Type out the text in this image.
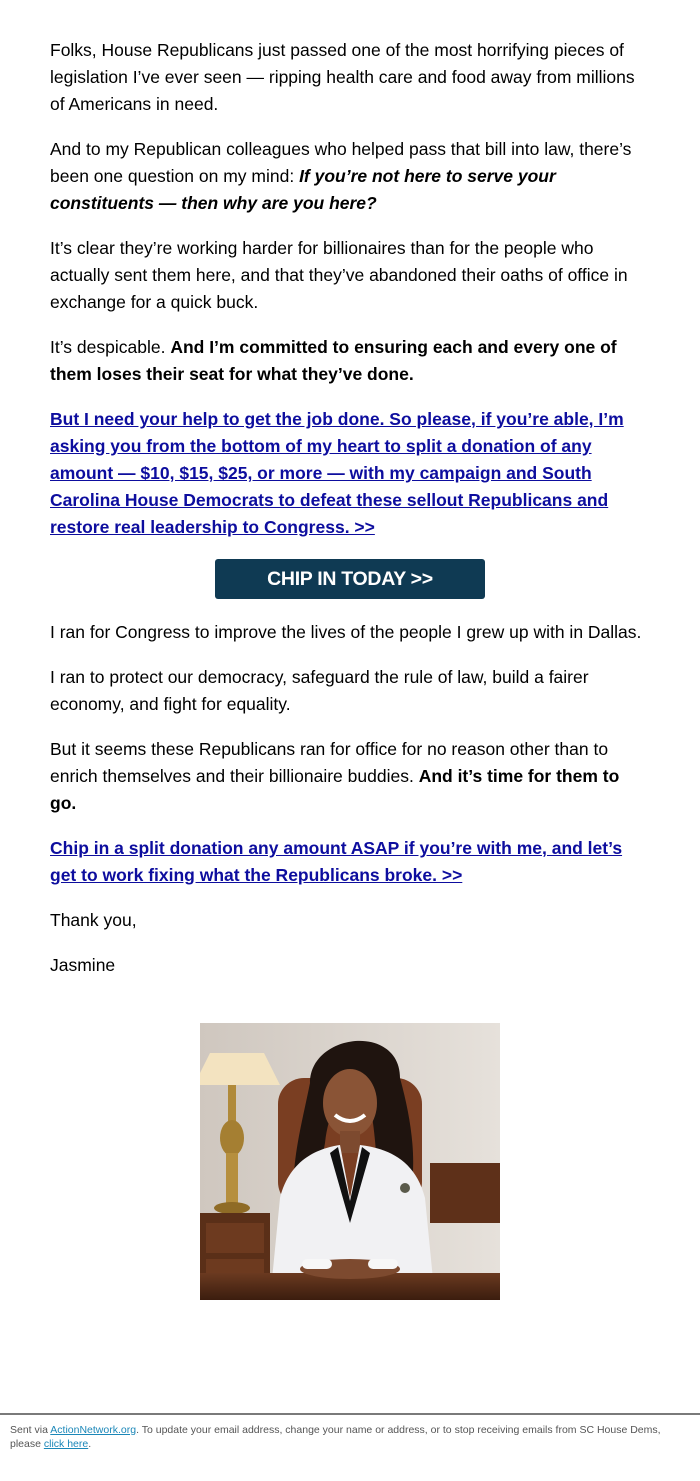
Folks, House Republicans just passed one of the most horrifying pieces of legislation I’ve ever seen — ripping health care and food away from millions of Americans in need.

And to my Republican colleagues who helped pass that bill into law, there’s been one question on my mind: If you’re not here to serve your constituents — then why are you here?

It’s clear they’re working harder for billionaires than for the people who actually sent them here, and that they’ve abandoned their oaths of office in exchange for a quick buck.

It’s despicable. And I’m committed to ensuring each and every one of them loses their seat for what they’ve done.

But I need your help to get the job done. So please, if you’re able, I’m asking you from the bottom of my heart to split a donation of any amount — $10, $15, $25, or more — with my campaign and South Carolina House Democrats to defeat these sellout Republicans and restore real leadership to Congress. >>

CHIP IN TODAY >>

I ran for Congress to improve the lives of the people I grew up with in Dallas.

I ran to protect our democracy, safeguard the rule of law, build a fairer economy, and fight for equality.

But it seems these Republicans ran for office for no reason other than to enrich themselves and their billionaire buddies. And it’s time for them to go.

Chip in a split donation any amount ASAP if you’re with me, and let’s get to work fixing what the Republicans broke. >>

Thank you,

Jasmine

Sent via ActionNetwork.org. To update your email address, change your name or address, or to stop receiving emails from SC House Dems, please click here.
